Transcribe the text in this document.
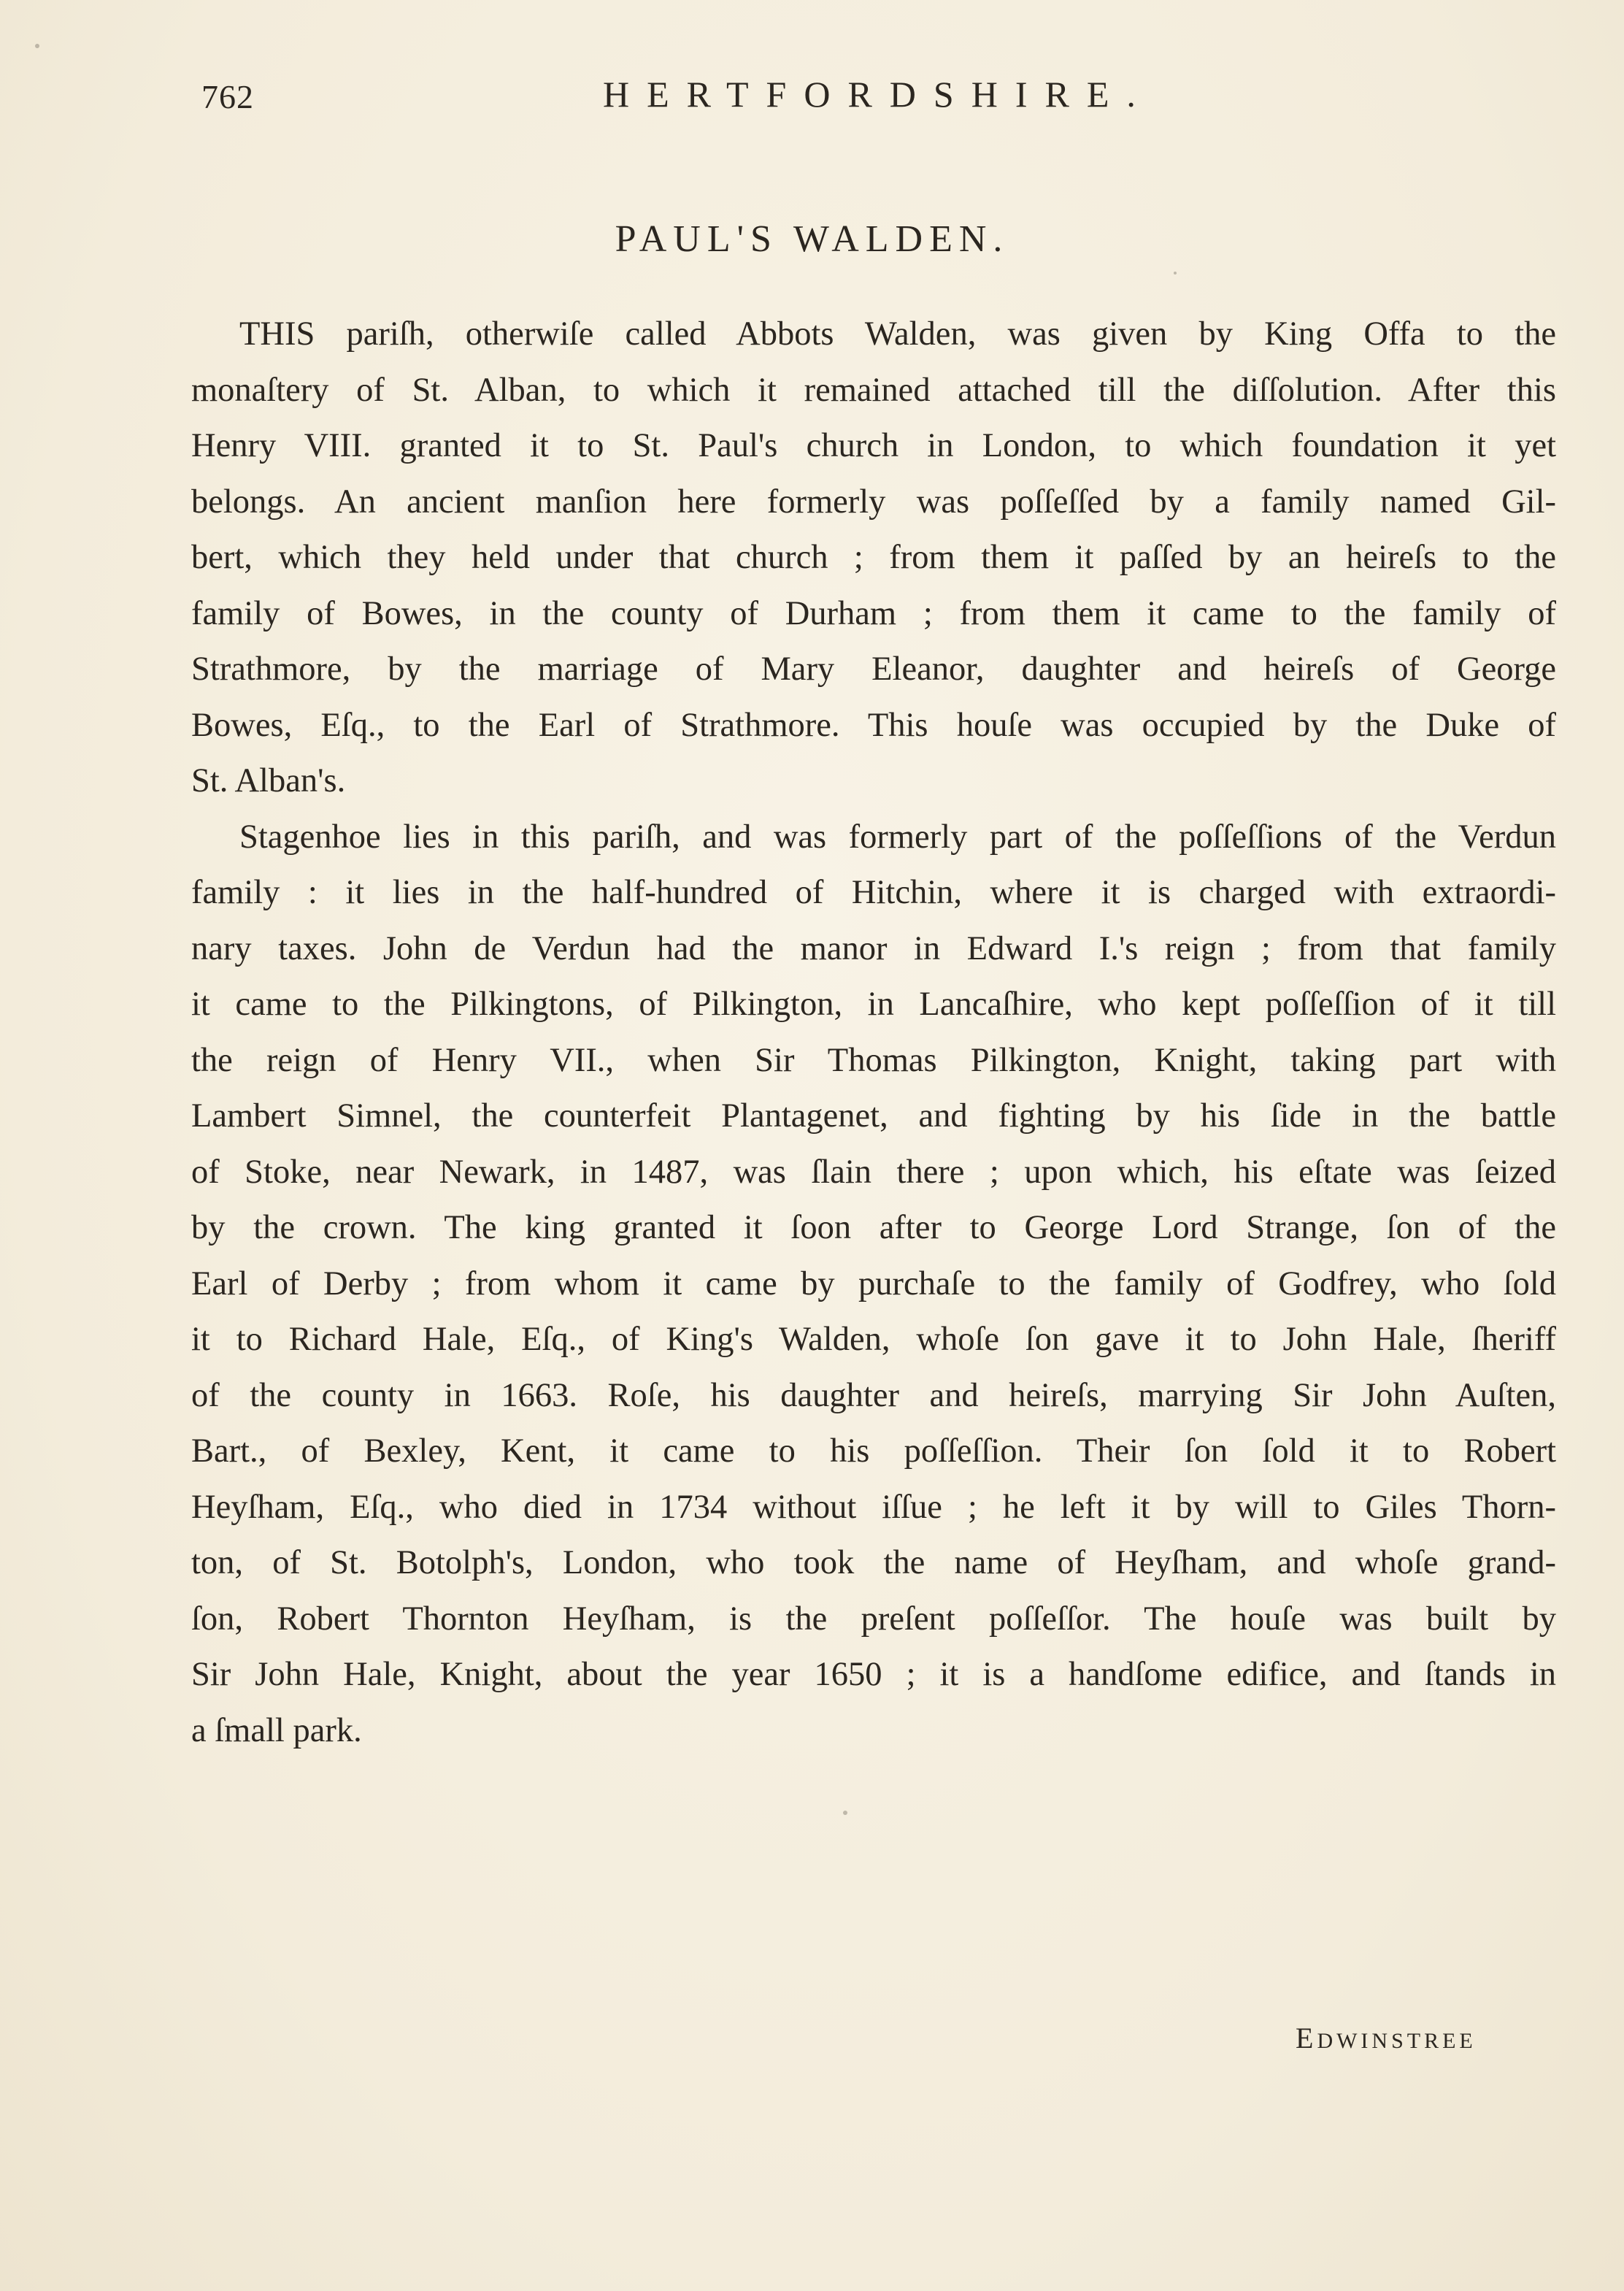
762	HERTFORDSHIRE.
PAUL'S WALDEN.
THIS pariſh, otherwiſe called Abbots Walden, was given by King Offa to the
monaſtery of St. Alban, to which it remained attached till the diſſolution. After this
Henry VIII. granted it to St. Paul's church in London, to which foundation it yet
belongs. An ancient manſion here formerly was poſſeſſed by a family named Gil-
bert, which they held under that church ; from them it paſſed by an heireſs to the
family of Bowes, in the county of Durham ; from them it came to the family of
Strathmore, by the marriage of Mary Eleanor, daughter and heireſs of George
Bowes, Eſq., to the Earl of Strathmore. This houſe was occupied by the Duke of
St. Alban's.
Stagenhoe lies in this pariſh, and was formerly part of the poſſeſſions of the Verdun
family : it lies in the half-hundred of Hitchin, where it is charged with extraordi-
nary taxes. John de Verdun had the manor in Edward I.'s reign ; from that family
it came to the Pilkingtons, of Pilkington, in Lancaſhire, who kept poſſeſſion of it till
the reign of Henry VII., when Sir Thomas Pilkington, Knight, taking part with
Lambert Simnel, the counterfeit Plantagenet, and fighting by his ſide in the battle
of Stoke, near Newark, in 1487, was ſlain there ; upon which, his eſtate was ſeized
by the crown. The king granted it ſoon after to George Lord Strange, ſon of the
Earl of Derby ; from whom it came by purchaſe to the family of Godfrey, who ſold
it to Richard Hale, Eſq., of King's Walden, whoſe ſon gave it to John Hale, ſheriff
of the county in 1663. Roſe, his daughter and heireſs, marrying Sir John Auſten,
Bart., of Bexley, Kent, it came to his poſſeſſion. Their ſon ſold it to Robert
Heyſham, Eſq., who died in 1734 without iſſue ; he left it by will to Giles Thorn-
ton, of St. Botolph's, London, who took the name of Heyſham, and whoſe grand-
ſon, Robert Thornton Heyſham, is the preſent poſſeſſor. The houſe was built by
Sir John Hale, Knight, about the year 1650 ; it is a handſome edifice, and ſtands in
a ſmall park.
EDWINSTREE
